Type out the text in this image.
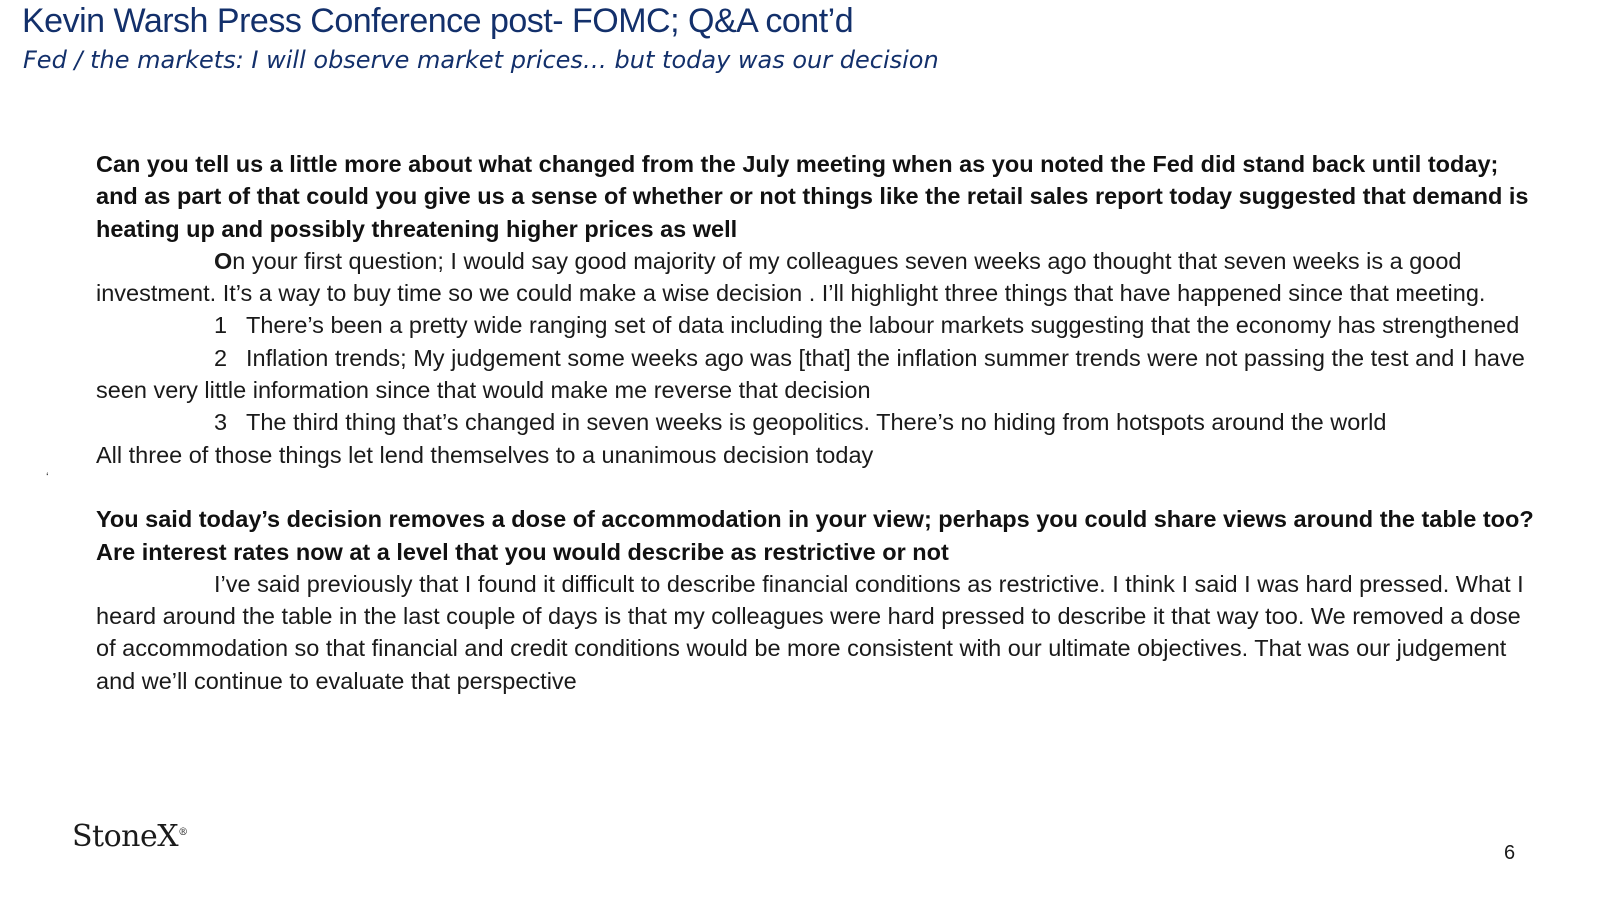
Kevin Warsh Press Conference post- FOMC; Q&A cont’d
Fed / the markets: I will observe market prices… but today was our decision
‘

Can you tell us a little more about what changed from the July meeting when as you noted the Fed did stand back until today; and as part of that could you give us a sense of whether or not things like the retail sales report today suggested that demand is heating up and possibly threatening higher prices as well

On your first question; I would say good majority of my colleagues seven weeks ago thought that seven weeks is a good investment. It’s a way to buy time so we could make a wise decision . I’ll highlight three things that have happened since that meeting.

1 There’s been a pretty wide ranging set of data including the labour markets suggesting that the economy has strengthened

2 Inflation trends; My judgement some weeks ago was [that] the inflation summer trends were not passing the test and I have seen very little information since that would make me reverse that decision

3 The third thing that’s changed in seven weeks is geopolitics. There’s no hiding from hotspots around the world

All three of those things let lend themselves to a unanimous decision today

You said today’s decision removes a dose of accommodation in your view; perhaps you could share views around the table too? Are interest rates now at a level that you would describe as restrictive or not

I’ve said previously that I found it difficult to describe financial conditions as restrictive. I think I said I was hard pressed. What I heard around the table in the last couple of days is that my colleagues were hard pressed to describe it that way too. We removed a dose of accommodation so that financial and credit conditions would be more consistent with our ultimate objectives. That was our judgement and we’ll continue to evaluate that perspective

StoneX®
6
